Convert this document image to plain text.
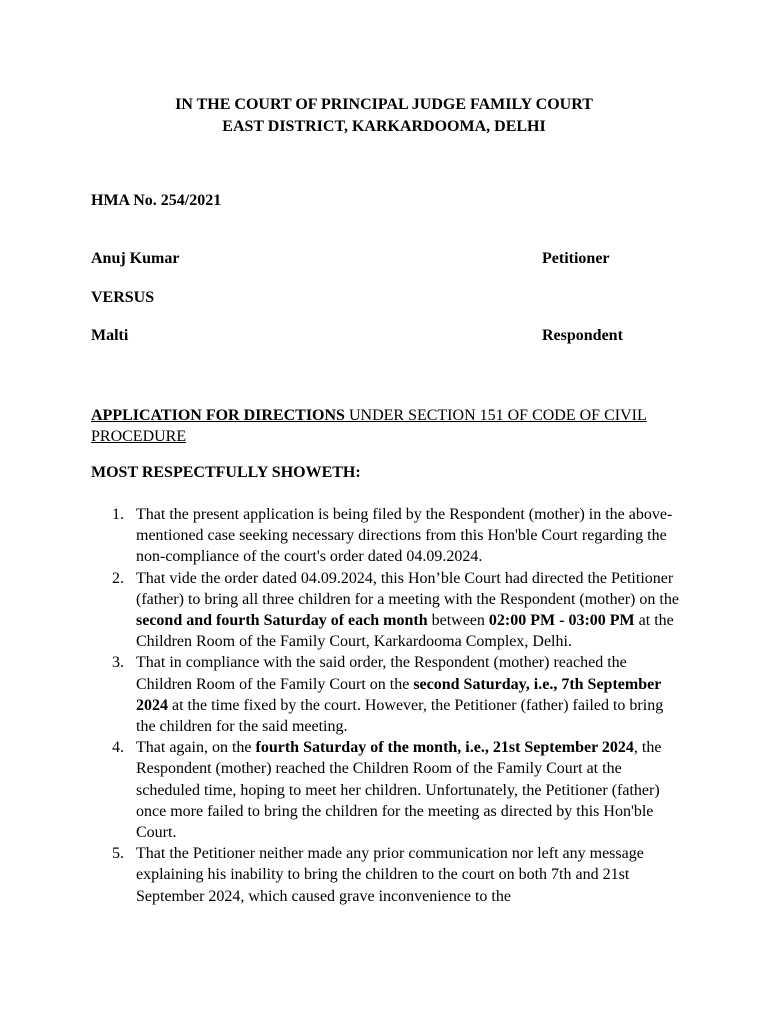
IN THE COURT OF PRINCIPAL JUDGE FAMILY COURT
EAST DISTRICT, KARKARDOOMA, DELHI
HMA No. 254/2021
Anuj Kumar	Petitioner
VERSUS
Malti	Respondent
APPLICATION FOR DIRECTIONS UNDER SECTION 151 OF CODE OF CIVIL PROCEDURE
MOST RESPECTFULLY SHOWETH:
1. That the present application is being filed by the Respondent (mother) in the above-mentioned case seeking necessary directions from this Hon'ble Court regarding the non-compliance of the court's order dated 04.09.2024.
2. That vide the order dated 04.09.2024, this Hon’ble Court had directed the Petitioner (father) to bring all three children for a meeting with the Respondent (mother) on the second and fourth Saturday of each month between 02:00 PM - 03:00 PM at the Children Room of the Family Court, Karkardooma Complex, Delhi.
3. That in compliance with the said order, the Respondent (mother) reached the Children Room of the Family Court on the second Saturday, i.e., 7th September 2024 at the time fixed by the court. However, the Petitioner (father) failed to bring the children for the said meeting.
4. That again, on the fourth Saturday of the month, i.e., 21st September 2024, the Respondent (mother) reached the Children Room of the Family Court at the scheduled time, hoping to meet her children. Unfortunately, the Petitioner (father) once more failed to bring the children for the meeting as directed by this Hon'ble Court.
5. That the Petitioner neither made any prior communication nor left any message explaining his inability to bring the children to the court on both 7th and 21st September 2024, which caused grave inconvenience to the
